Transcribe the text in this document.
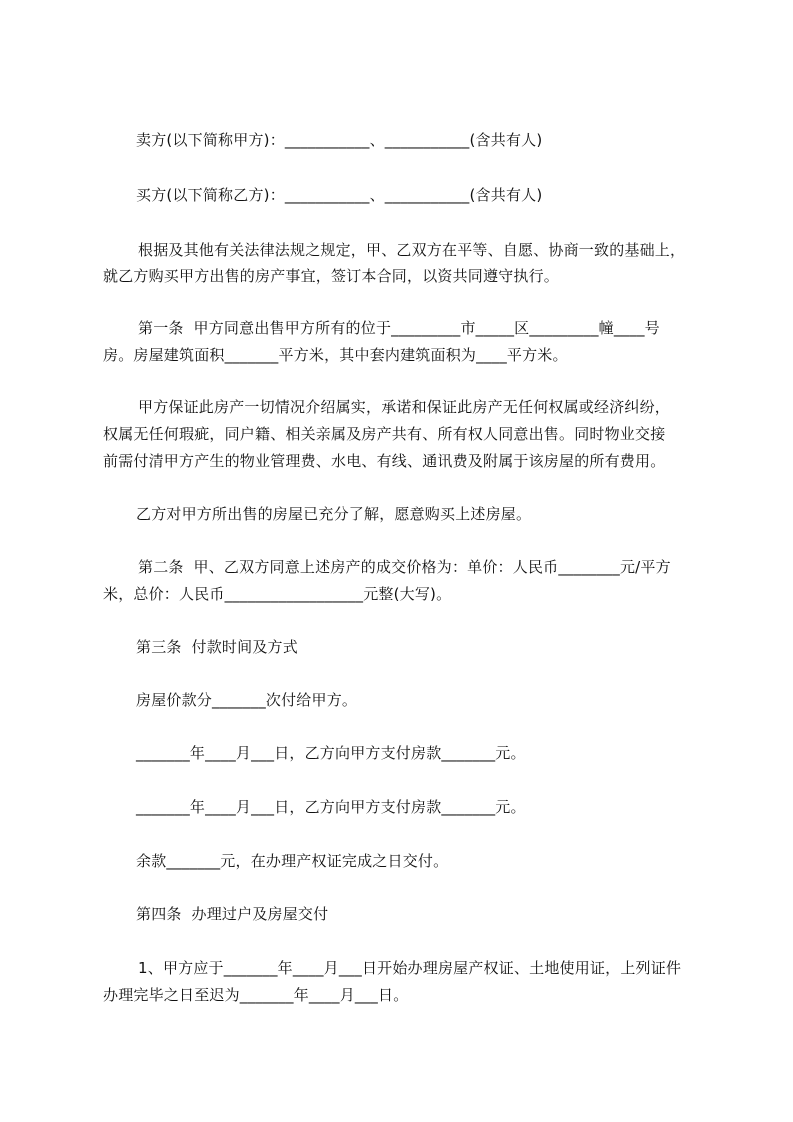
卖方(以下简称甲方)：___________、___________(含共有人)
买方(以下简称乙方)：___________、___________(含共有人)
根据及其他有关法律法规之规定，甲、乙双方在平等、自愿、协商一致的基础上，
就乙方购买甲方出售的房产事宜，签订本合同，以资共同遵守执行。
第一条  甲方同意出售甲方所有的位于_________市_____区_________幢____号
房。房屋建筑面积_______平方米，其中套内建筑面积为____平方米。
甲方保证此房产一切情况介绍属实，承诺和保证此房产无任何权属或经济纠纷，
权属无任何瑕疵，同户籍、相关亲属及房产共有、所有权人同意出售。同时物业交接
前需付清甲方产生的物业管理费、水电、有线、通讯费及附属于该房屋的所有费用。
乙方对甲方所出售的房屋已充分了解，愿意购买上述房屋。
第二条  甲、乙双方同意上述房产的成交价格为：单价：人民币________元/平方
米，总价：人民币__________________元整(大写)。
第三条  付款时间及方式
房屋价款分_______次付给甲方。
_______年____月___日，乙方向甲方支付房款_______元。
_______年____月___日，乙方向甲方支付房款_______元。
余款_______元，在办理产权证完成之日交付。
第四条  办理过户及房屋交付
1、甲方应于_______年____月___日开始办理房屋产权证、土地使用证，上列证件
办理完毕之日至迟为_______年____月___日。
